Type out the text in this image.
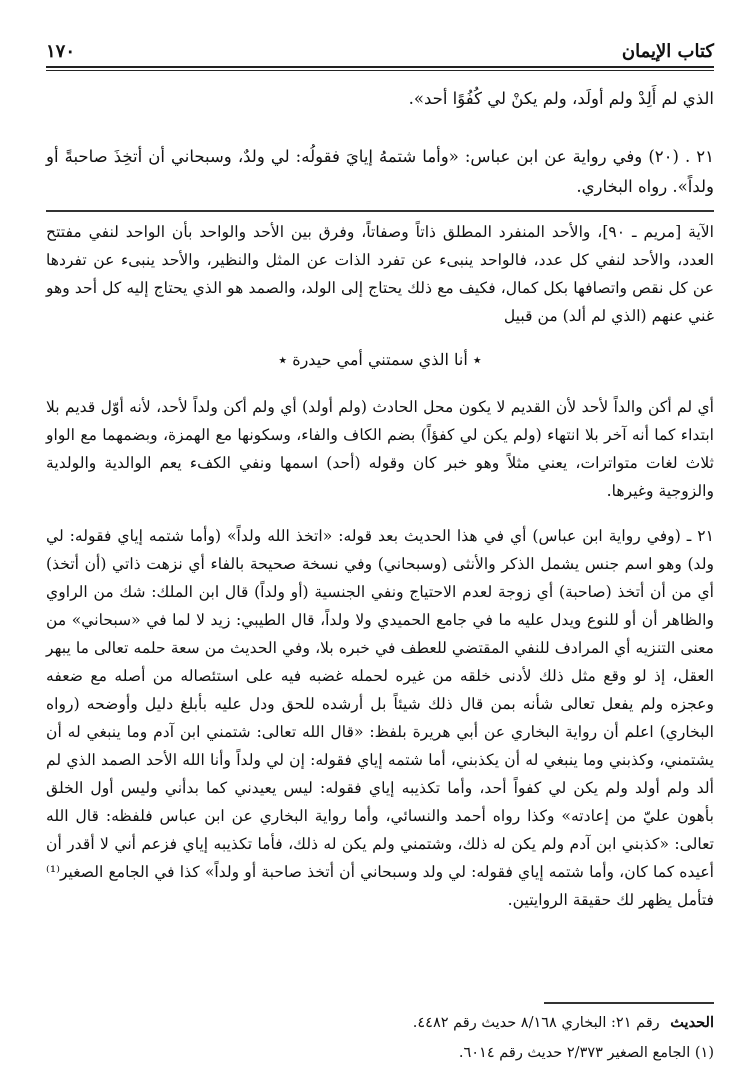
كتاب الإيمان
١٧٠

الذي لم أَلِدْ ولم أولَد، ولم يكنْ لي كُفُوًا أحد».

٢١ . (٢٠) وفي رواية عن ابن عباس: «وأما شتمهُ إيايَ فقولُه: لي ولدٌ، وسبحاني أن أتخِذَ صاحبةً أو ولداً». رواه البخاري.

الآية [مريم ـ ٩٠]، والأحد المنفرد المطلق ذاتاً وصفاتاً، وفرق بين الأحد والواحد بأن الواحد لنفي مفتتح العدد، والأحد لنفي كل عدد، فالواحد ينبىء عن تفرد الذات عن المثل والنظير، والأحد ينبىء عن تفردها عن كل نقص واتصافها بكل كمال، فكيف مع ذلك يحتاج إلى الولد، والصمد هو الذي يحتاج إليه كل أحد وهو غني عنهم (الذي لم ألد) من قبيل

٭ أنا الذي سمتني أمي حيدرة ٭

أي لم أكن والداً لأحد لأن القديم لا يكون محل الحادث (ولم أولد) أي ولم أكن ولداً لأحد، لأنه أوّل قديم بلا ابتداء كما أنه آخر بلا انتهاء (ولم يكن لي كفؤاً) بضم الكاف والفاء، وسكونها مع الهمزة، وبضمهما مع الواو ثلاث لغات متواترات، يعني مثلاً وهو خبر كان وقوله (أحد) اسمها ونفي الكفء يعم الوالدية والولدية والزوجية وغيرها.

٢١ ـ (وفي رواية ابن عباس) أي في هذا الحديث بعد قوله: «اتخذ الله ولداً» (وأما شتمه إياي فقوله: لي ولد) وهو اسم جنس يشمل الذكر والأنثى (وسبحاني) وفي نسخة صحيحة بالفاء أي نزهت ذاتي (أن أتخذ) أي من أن أتخذ (صاحبة) أي زوجة لعدم الاحتياج ونفي الجنسية (أو ولداً) قال ابن الملك: شك من الراوي والظاهر أن أو للنوع ويدل عليه ما في جامع الحميدي ولا ولداً، قال الطيبي: زيد لا لما في «سبحاني» من معنى التنزيه أي المرادف للنفي المقتضي للعطف في خبره بلا، وفي الحديث من سعة حلمه تعالى ما يبهر العقل، إذ لو وقع مثل ذلك لأدنى خلقه من غيره لحمله غضبه فيه على استئصاله من أصله مع ضعفه وعجزه ولم يفعل تعالى شأنه بمن قال ذلك شيئاً بل أرشده للحق ودل عليه بأبلغ دليل وأوضحه (رواه البخاري) اعلم أن رواية البخاري عن أبي هريرة بلفظ: «قال الله تعالى: شتمني ابن آدم وما ينبغي له أن يشتمني، وكذبني وما ينبغي له أن يكذبني، أما شتمه إياي فقوله: إن لي ولداً وأنا الله الأحد الصمد الذي لم ألد ولم أولد ولم يكن لي كفواً أحد، وأما تكذيبه إياي فقوله: ليس يعيدني كما بدأني وليس أول الخلق بأهون عليّ من إعادته» وكذا رواه أحمد والنسائي، وأما رواية البخاري عن ابن عباس فلفظه: قال الله تعالى: «كذبني ابن آدم ولم يكن له ذلك، وشتمني ولم يكن له ذلك، فأما تكذيبه إياي فزعم أني لا أقدر أن أعيده كما كان، وأما شتمه إياي فقوله: لي ولد وسبحاني أن أتخذ صاحبة أو ولداً» كذا في الجامع الصغير⁽¹⁾ فتأمل يظهر لك حقيقة الروايتين.

الحديث رقم ٢١: البخاري ٨/١٦٨ حديث رقم ٤٤٨٢.
(١) الجامع الصغير ٢/٣٧٣ حديث رقم ٦٠١٤.
